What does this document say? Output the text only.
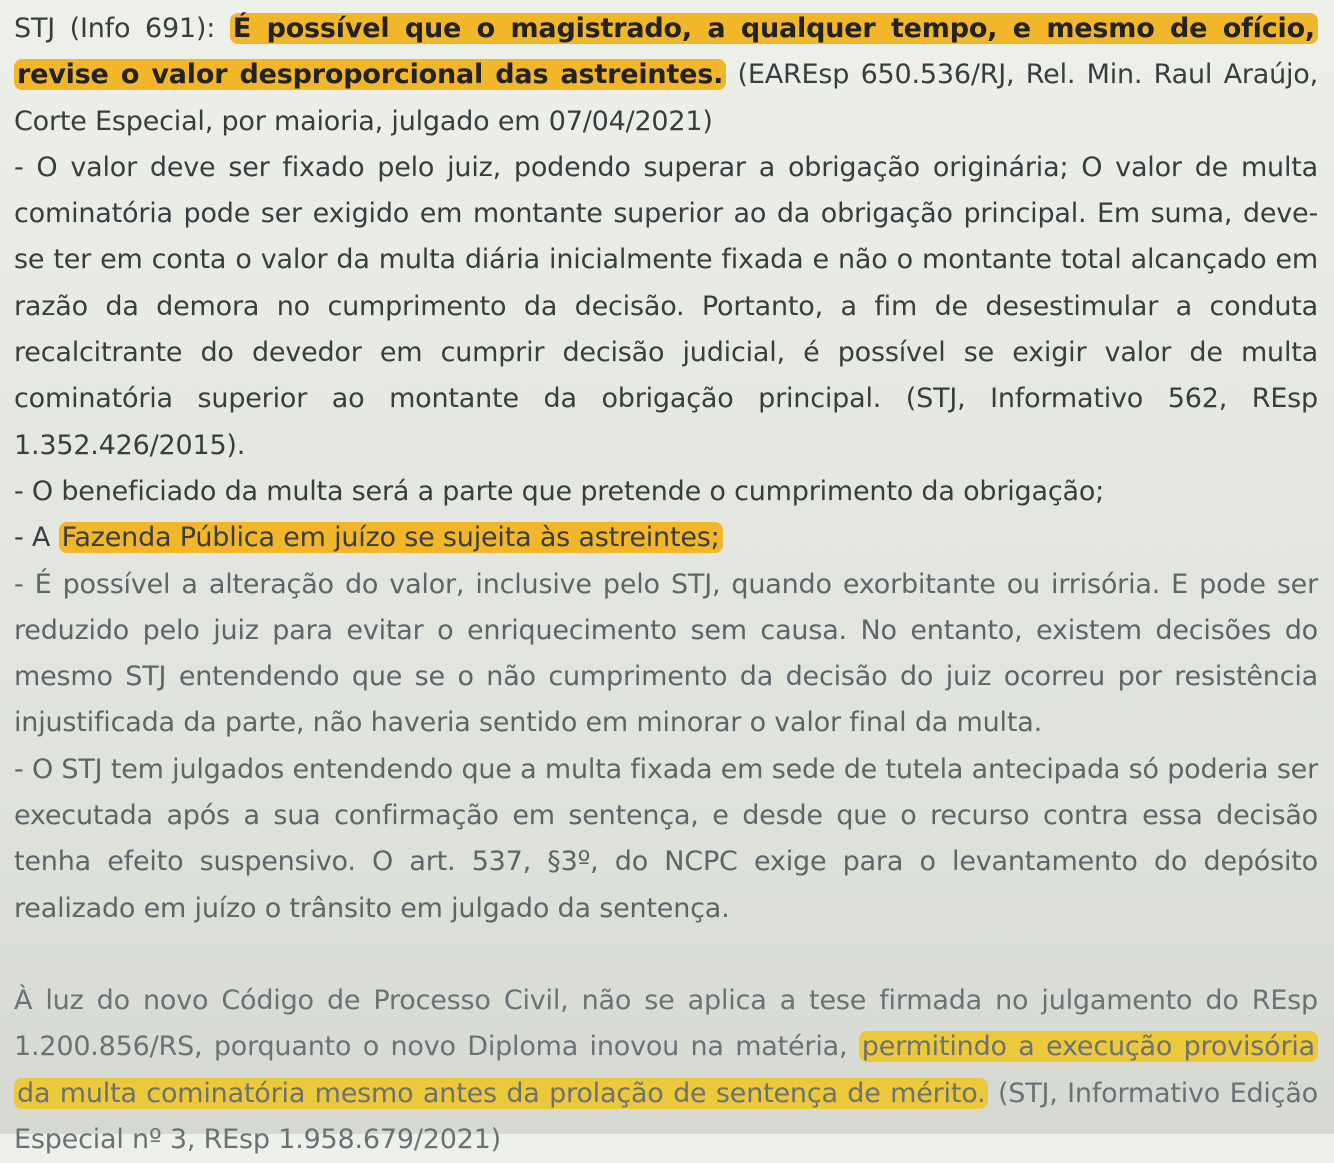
STJ (Info 691): É possível que o magistrado, a qualquer tempo, e mesmo de ofício, revise o valor desproporcional das astreintes. (EAREsp 650.536/RJ, Rel. Min. Raul Araújo, Corte Especial, por maioria, julgado em 07/04/2021)

- O valor deve ser fixado pelo juiz, podendo superar a obrigação originária; O valor de multa cominatória pode ser exigido em montante superior ao da obrigação principal. Em suma, deve-se ter em conta o valor da multa diária inicialmente fixada e não o montante total alcançado em razão da demora no cumprimento da decisão. Portanto, a fim de desestimular a conduta recalcitrante do devedor em cumprir decisão judicial, é possível se exigir valor de multa cominatória superior ao montante da obrigação principal. (STJ, Informativo 562, REsp 1.352.426/2015).

- O beneficiado da multa será a parte que pretende o cumprimento da obrigação;

- A Fazenda Pública em juízo se sujeita às astreintes;

- É possível a alteração do valor, inclusive pelo STJ, quando exorbitante ou irrisória. E pode ser reduzido pelo juiz para evitar o enriquecimento sem causa. No entanto, existem decisões do mesmo STJ entendendo que se o não cumprimento da decisão do juiz ocorreu por resistência injustificada da parte, não haveria sentido em minorar o valor final da multa.

- O STJ tem julgados entendendo que a multa fixada em sede de tutela antecipada só poderia ser executada após a sua confirmação em sentença, e desde que o recurso contra essa decisão tenha efeito suspensivo. O art. 537, §3º, do NCPC exige para o levantamento do depósito realizado em juízo o trânsito em julgado da sentença.

À luz do novo Código de Processo Civil, não se aplica a tese firmada no julgamento do REsp 1.200.856/RS, porquanto o novo Diploma inovou na matéria, permitindo a execução provisória da multa cominatória mesmo antes da prolação de sentença de mérito. (STJ, Informativo Edição Especial nº 3, REsp 1.958.679/2021)
